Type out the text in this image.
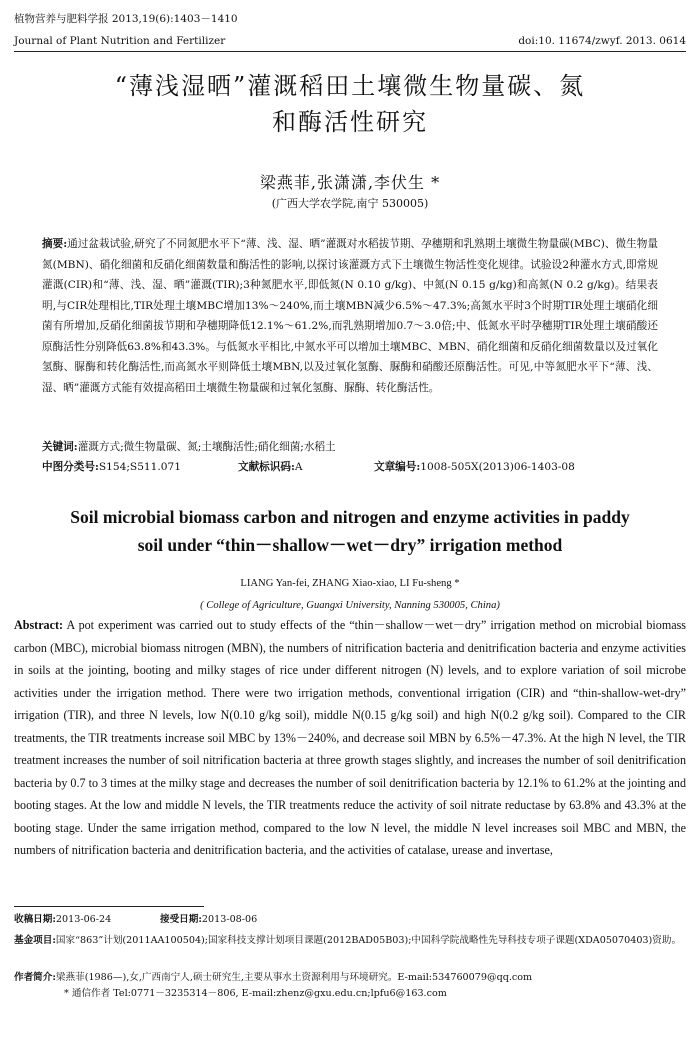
植物营养与肥料学报 2013,19(6):1403－1410
Journal of Plant Nutrition and Fertilizer	doi:10. 11674/zwyf. 2013. 0614
“薄浅湿晒”灌溉稻田土壤微生物量碳、氮
和酶活性研究
梁燕菲,张潇潇,李伏生 *
(广西大学农学院,南宁 530005)
摘要:通过盆栽试验,研究了不同氮肥水平下“薄、浅、湿、晒”灌溉对水稻拔节期、孕穗期和乳熟期土壤微生物量碳(MBC)、微生物量氮(MBN)、硝化细菌和反硝化细菌数量和酶活性的影响,以探讨该灌溉方式下土壤微生物活性变化规律。试验设2种灌水方式,即常规灌溉(CIR)和“薄、浅、湿、晒”灌溉(TIR);3种氮肥水平,即低氮(N 0.10 g/kg)、中氮(N 0.15 g/kg)和高氮(N 0.2 g/kg)。结果表明,与CIR处理相比,TIR处理土壤MBC增加13%～240%,而土壤MBN减少6.5%～47.3%;高氮水平时3个时期TIR处理土壤硝化细菌有所增加,反硝化细菌拔节期和孕穗期降低12.1%～61.2%,而乳熟期增加0.7～3.0倍;中、低氮水平时孕穗期TIR处理土壤硝酸还原酶活性分别降低63.8%和43.3%。与低氮水平相比,中氮水平可以增加土壤MBC、MBN、硝化细菌和反硝化细菌数量以及过氧化氢酶、脲酶和转化酶活性,而高氮水平则降低土壤MBN,以及过氧化氢酶、脲酶和硝酸还原酶活性。可见,中等氮肥水平下“薄、浅、湿、晒”灌溉方式能有效提高稻田土壤微生物量碳和过氧化氢酶、脲酶、转化酶活性。
关键词:灌溉方式;微生物量碳、氮;土壤酶活性;硝化细菌;水稻土
中图分类号:S154;S511.071	文献标识码:A	文章编号:1008-505X(2013)06-1403-08
Soil microbial biomass carbon and nitrogen and enzyme activities in paddy
soil under “thin－shallow－wet－dry” irrigation method
LIANG Yan-fei, ZHANG Xiao-xiao, LI Fu-sheng *
( College of Agriculture, Guangxi University, Nanning 530005, China)
Abstract: A pot experiment was carried out to study effects of the “thin－shallow－wet－dry” irrigation method on microbial biomass carbon (MBC), microbial biomass nitrogen (MBN), the numbers of nitrification bacteria and denitrification bacteria and enzyme activities in soils at the jointing, booting and milky stages of rice under different nitrogen (N) levels, and to explore variation of soil microbe activities under the irrigation method. There were two irrigation methods, conventional irrigation (CIR) and “thin-shallow-wet-dry” irrigation (TIR), and three N levels, low N(0.10 g/kg soil), middle N(0.15 g/kg soil) and high N(0.2 g/kg soil). Compared to the CIR treatments, the TIR treatments increase soil MBC by 13%－240%, and decrease soil MBN by 6.5%－47.3%. At the high N level, the TIR treatment increases the number of soil nitrification bacteria at three growth stages slightly, and increases the number of soil denitrification bacteria by 0.7 to 3 times at the milky stage and decreases the number of soil denitrification bacteria by 12.1% to 61.2% at the jointing and booting stages. At the low and middle N levels, the TIR treatments reduce the activity of soil nitrate reductase by 63.8% and 43.3% at the booting stage. Under the same irrigation method, compared to the low N level, the middle N level increases soil MBC and MBN, the numbers of nitrification bacteria and denitrification bacteria, and the activities of catalase, urease and invertase,
收稿日期:2013-06-24	接受日期:2013-08-06
基金项目: 国家“863”计划(2011AA100504);国家科技支撑计划项目课题(2012BAD05B03);中国科学院战略性先导科技专项子课题(XDA05070403)资助。
作者简介: 梁燕菲(1986—),女,广西南宁人,硕士研究生,主要从事水土资源利用与环境研究。E-mail:534760079@qq.com
* 通信作者 Tel:0771－3235314－806, E-mail:zhenz@gxu.edu.cn;lpfu6@163.com
